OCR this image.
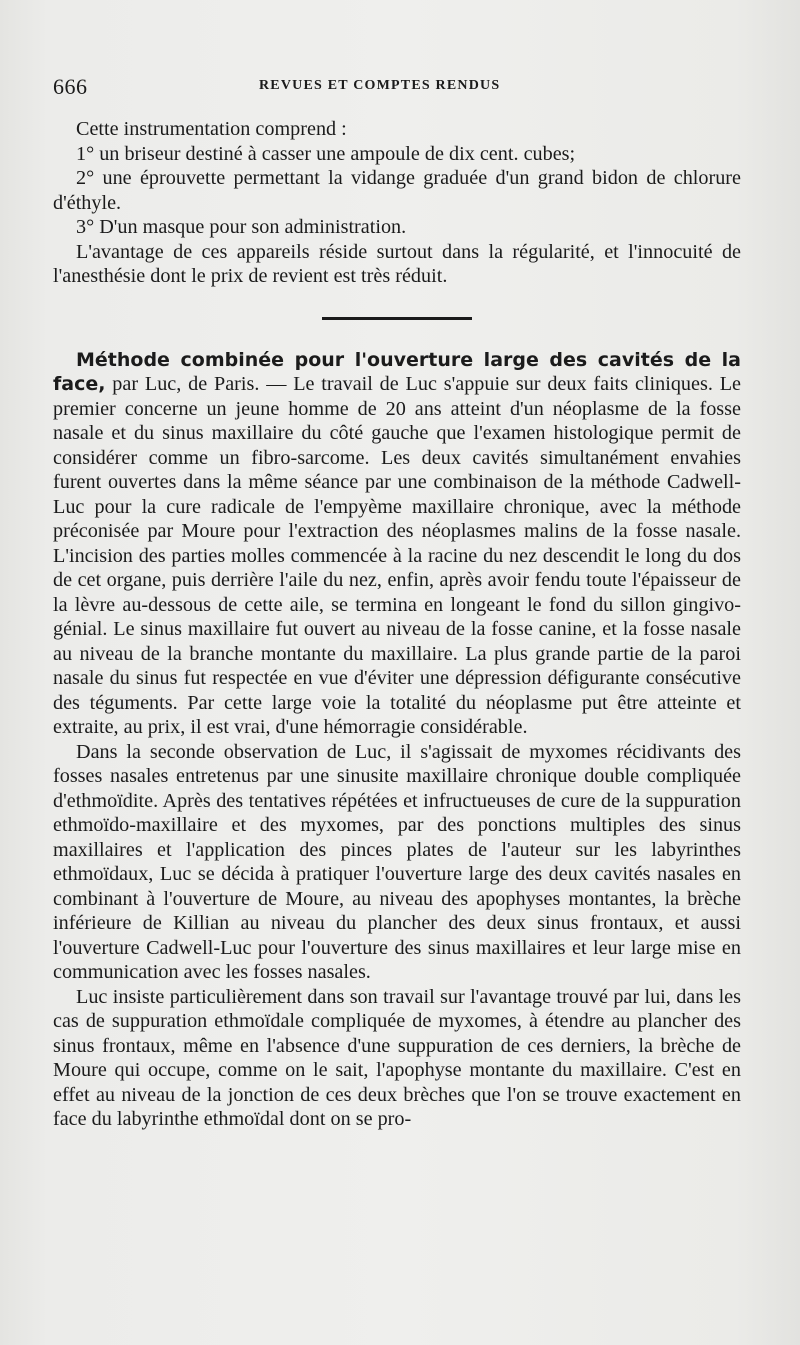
666	REVUES ET COMPTES RENDUS

Cette instrumentation comprend :

1° un briseur destiné à casser une ampoule de dix cent. cubes;

2° une éprouvette permettant la vidange graduée d'un grand bidon de chlorure d'éthyle.

3° D'un masque pour son administration.

L'avantage de ces appareils réside surtout dans la régularité, et l'innocuité de l'anesthésie dont le prix de revient est très réduit.

Méthode combinée pour l'ouverture large des cavités de la face, par Luc, de Paris. — Le travail de Luc s'appuie sur deux faits cliniques. Le premier concerne un jeune homme de 20 ans atteint d'un néoplasme de la fosse nasale et du sinus maxillaire du côté gauche que l'examen histologique permit de considérer comme un fibro-sarcome. Les deux cavités simultanément envahies furent ouvertes dans la même séance par une combinaison de la méthode Cadwell-Luc pour la cure radicale de l'empyème maxillaire chronique, avec la méthode préconisée par Moure pour l'extraction des néoplasmes malins de la fosse nasale. L'incision des parties molles commencée à la racine du nez descendit le long du dos de cet organe, puis derrière l'aile du nez, enfin, après avoir fendu toute l'épaisseur de la lèvre au-dessous de cette aile, se termina en longeant le fond du sillon gingivo-génial. Le sinus maxillaire fut ouvert au niveau de la fosse canine, et la fosse nasale au niveau de la branche montante du maxillaire. La plus grande partie de la paroi nasale du sinus fut respectée en vue d'éviter une dépression défigurante consécutive des téguments. Par cette large voie la totalité du néoplasme put être atteinte et extraite, au prix, il est vrai, d'une hémorragie considérable.

Dans la seconde observation de Luc, il s'agissait de myxomes récidivants des fosses nasales entretenus par une sinusite maxillaire chronique double compliquée d'ethmoïdite. Après des tentatives répétées et infructueuses de cure de la suppuration ethmoïdo-maxillaire et des myxomes, par des ponctions multiples des sinus maxillaires et l'application des pinces plates de l'auteur sur les labyrinthes ethmoïdaux, Luc se décida à pratiquer l'ouverture large des deux cavités nasales en combinant à l'ouverture de Moure, au niveau des apophyses montantes, la brèche inférieure de Killian au niveau du plancher des deux sinus frontaux, et aussi l'ouverture Cadwell-Luc pour l'ouverture des sinus maxillaires et leur large mise en communication avec les fosses nasales.

Luc insiste particulièrement dans son travail sur l'avantage trouvé par lui, dans les cas de suppuration ethmoïdale compliquée de myxomes, à étendre au plancher des sinus frontaux, même en l'absence d'une suppuration de ces derniers, la brèche de Moure qui occupe, comme on le sait, l'apophyse montante du maxillaire. C'est en effet au niveau de la jonction de ces deux brèches que l'on se trouve exactement en face du labyrinthe ethmoïdal dont on se pro-
